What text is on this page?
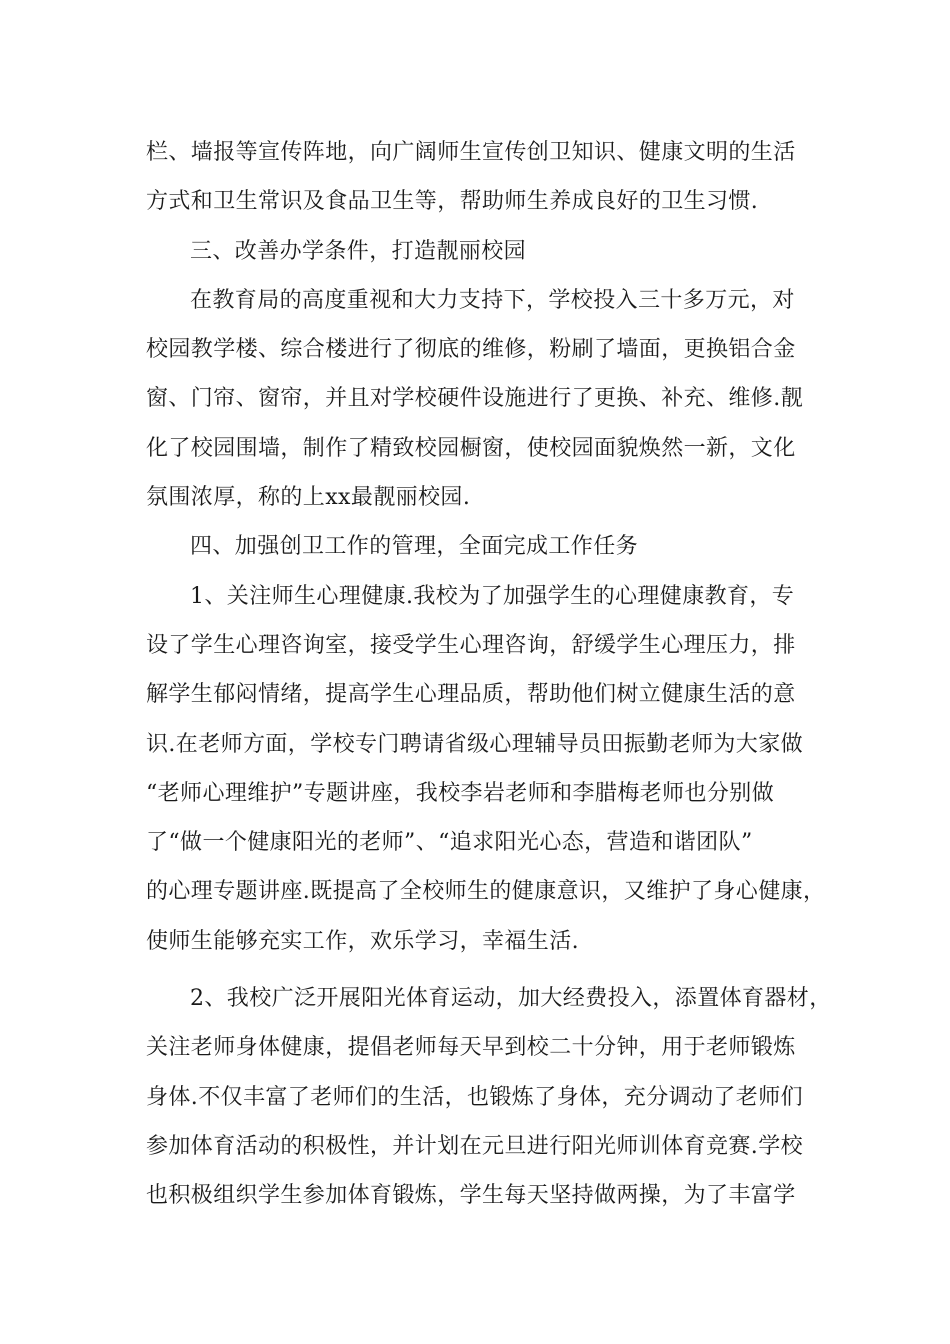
栏、墙报等宣传阵地，向广阔师生宣传创卫知识、健康文明的生活
方式和卫生常识及食品卫生等，帮助师生养成良好的卫生习惯.
三、改善办学条件，打造靓丽校园
在教育局的高度重视和大力支持下，学校投入三十多万元，对
校园教学楼、综合楼进行了彻底的维修，粉刷了墙面，更换铝合金
窗、门帘、窗帘，并且对学校硬件设施进行了更换、补充、维修.靓
化了校园围墙，制作了精致校园橱窗，使校园面貌焕然一新，文化
氛围浓厚，称的上xx最靓丽校园.
四、加强创卫工作的管理，全面完成工作任务
1、关注师生心理健康.我校为了加强学生的心理健康教育，专
设了学生心理咨询室，接受学生心理咨询，舒缓学生心理压力，排
解学生郁闷情绪，提高学生心理品质，帮助他们树立健康生活的意
识.在老师方面，学校专门聘请省级心理辅导员田振勤老师为大家做
“老师心理维护”专题讲座，我校李岩老师和李腊梅老师也分别做
了“做一个健康阳光的老师”、“追求阳光心态，营造和谐团队”
的心理专题讲座.既提高了全校师生的健康意识，又维护了身心健康，
使师生能够充实工作，欢乐学习，幸福生活.
2、我校广泛开展阳光体育运动，加大经费投入，添置体育器材，
关注老师身体健康，提倡老师每天早到校二十分钟，用于老师锻炼
身体.不仅丰富了老师们的生活，也锻炼了身体，充分调动了老师们
参加体育活动的积极性，并计划在元旦进行阳光师训体育竞赛.学校
也积极组织学生参加体育锻炼，学生每天坚持做两操，为了丰富学
